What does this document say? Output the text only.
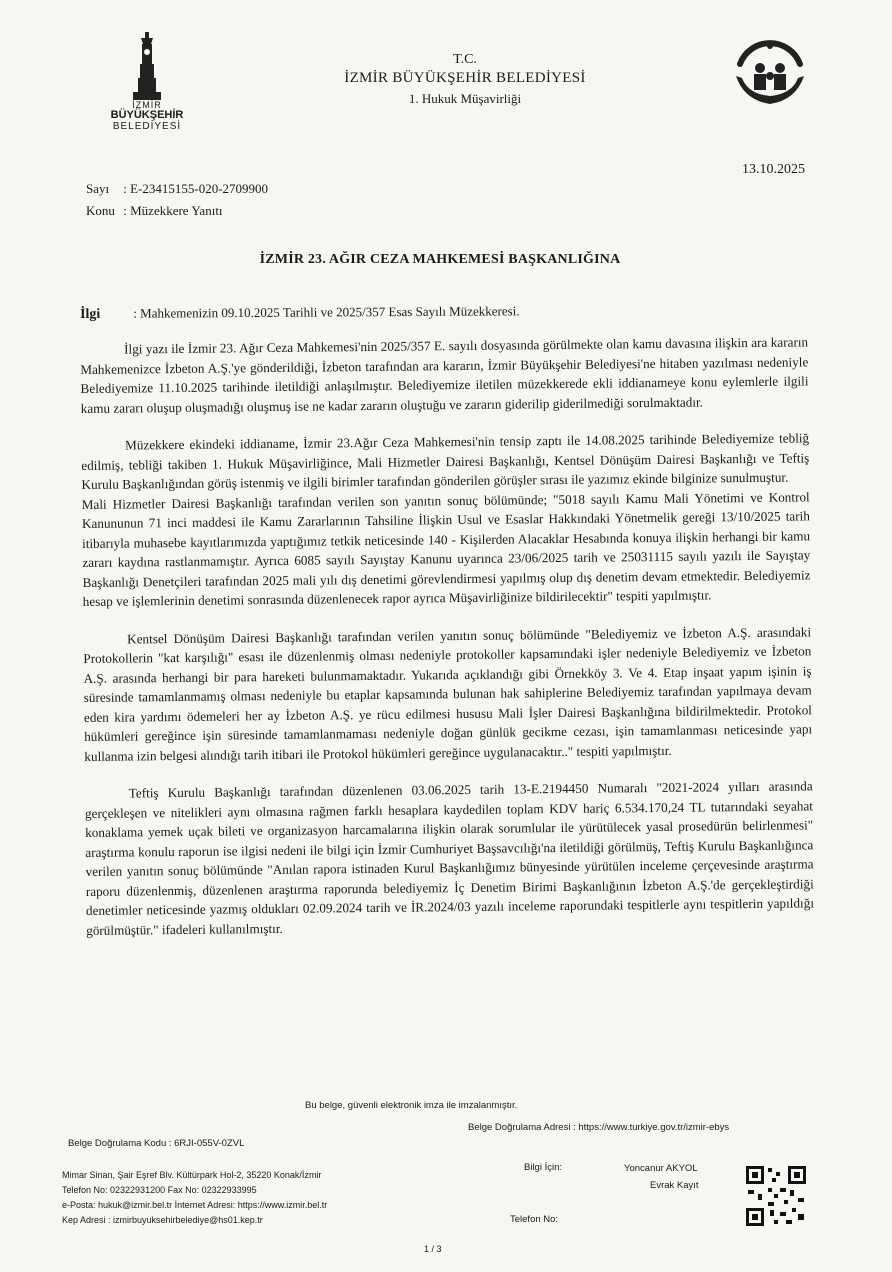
İZMİR
BÜYÜKŞEHİR
BELEDİYESİ
T.C.
İZMİR BÜYÜKŞEHİR BELEDİYESİ
1. Hukuk Müşavirliği
13.10.2025
Sayı : E-23415155-020-2709900
Konu : Müzekkere Yanıtı
İZMİR 23. AĞIR CEZA MAHKEMESİ BAŞKANLIĞINA
İlgi	: Mahkemenizin 09.10.2025 Tarihli ve 2025/357 Esas Sayılı Müzekkeresi.

İlgi yazı ile İzmir 23. Ağır Ceza Mahkemesi'nin 2025/357 E. sayılı dosyasında görülmekte olan kamu davasına ilişkin ara kararın Mahkemenizce İzbeton A.Ş.'ye gönderildiği, İzbeton tarafından ara kararın, İzmir Büyükşehir Belediyesi'ne hitaben yazılması nedeniyle Belediyemize 11.10.2025 tarihinde iletildiği anlaşılmıştır. Belediyemize iletilen müzekkerede ekli iddianameye konu eylemlerle ilgili kamu zararı oluşup oluşmadığı oluşmuş ise ne kadar zararın oluştuğu ve zararın giderilip giderilmediği sorulmaktadır.

Müzekkere ekindeki iddianame, İzmir 23.Ağır Ceza Mahkemesi'nin tensip zaptı ile 14.08.2025 tarihinde Belediyemize tebliğ edilmiş, tebliği takiben 1. Hukuk Müşavirliğince, Mali Hizmetler Dairesi Başkanlığı, Kentsel Dönüşüm Dairesi Başkanlığı ve Teftiş Kurulu Başkanlığından görüş istenmiş ve ilgili birimler tarafından gönderilen görüşler sırası ile yazımız ekinde bilginize sunulmuştur.

Mali Hizmetler Dairesi Başkanlığı tarafından verilen son yanıtın sonuç bölümünde; "5018 sayılı Kamu Mali Yönetimi ve Kontrol Kanununun 71 inci maddesi ile Kamu Zararlarının Tahsiline İlişkin Usul ve Esaslar Hakkındaki Yönetmelik gereği 13/10/2025 tarih itibarıyla muhasebe kayıtlarımızda yaptığımız tetkik neticesinde 140 - Kişilerden Alacaklar Hesabında konuya ilişkin herhangi bir kamu zararı kaydına rastlanmamıştır. Ayrıca 6085 sayılı Sayıştay Kanunu uyarınca 23/06/2025 tarih ve 25031115 sayılı yazılı ile Sayıştay Başkanlığı Denetçileri tarafından 2025 mali yılı dış denetimi görevlendirmesi yapılmış olup dış denetim devam etmektedir. Belediyemiz hesap ve işlemlerinin denetimi sonrasında düzenlenecek rapor ayrıca Müşavirliğinize bildirilecektir" tespiti yapılmıştır.

Kentsel Dönüşüm Dairesi Başkanlığı tarafından verilen yanıtın sonuç bölümünde "Belediyemiz ve İzbeton A.Ş. arasındaki Protokollerin "kat karşılığı" esası ile düzenlenmiş olması nedeniyle protokoller kapsamındaki işler nedeniyle Belediyemiz ve İzbeton A.Ş. arasında herhangi bir para hareketi bulunmamaktadır. Yukarıda açıklandığı gibi Örnekköy 3. Ve 4. Etap inşaat yapım işinin iş süresinde tamamlanmamış olması nedeniyle bu etaplar kapsamında bulunan hak sahiplerine Belediyemiz tarafından yapılmaya devam eden kira yardımı ödemeleri her ay İzbeton A.Ş. ye rücu edilmesi hususu Mali İşler Dairesi Başkanlığına bildirilmektedir. Protokol hükümleri gereğince işin süresinde tamamlanmaması nedeniyle doğan günlük gecikme cezası, işin tamamlanması neticesinde yapı kullanma izin belgesi alındığı tarih itibari ile Protokol hükümleri gereğince uygulanacaktır.." tespiti yapılmıştır.

Teftiş Kurulu Başkanlığı tarafından düzenlenen 03.06.2025 tarih 13-E.2194450 Numaralı "2021-2024 yılları arasında gerçekleşen ve nitelikleri aynı olmasına rağmen farklı hesaplara kaydedilen toplam KDV hariç 6.534.170,24 TL tutarındaki seyahat konaklama yemek uçak bileti ve organizasyon harcamalarına ilişkin olarak sorumlular ile yürütülecek yasal prosedürün belirlenmesi" araştırma konulu raporun ise ilgisi nedeni ile bilgi için İzmir Cumhuriyet Başsavcılığı'na iletildiği görülmüş, Teftiş Kurulu Başkanlığınca verilen yanıtın sonuç bölümünde "Anılan rapora istinaden Kurul Başkanlığımız bünyesinde yürütülen inceleme çerçevesinde araştırma raporu düzenlenmiş, düzenlenen araştırma raporunda belediyemiz İç Denetim Birimi Başkanlığının İzbeton A.Ş.'de gerçekleştirdiği denetimler neticesinde yazmış oldukları 02.09.2024 tarih ve İR.2024/03 yazılı inceleme raporundaki tespitlerle aynı tespitlerin yapıldığı görülmüştür." ifadeleri kullanılmıştır.

Bu belge, güvenli elektronik imza ile imzalanmıştır.
Belge Doğrulama Adresi : https://www.turkiye.gov.tr/izmir-ebys
Belge Doğrulama Kodu : 6RJI-055V-0ZVL
Mimar Sinan, Şair Eşref Blv. Kültürpark Hol-2, 35220 Konak/İzmir
Telefon No: 02322931200 Fax No: 02322933995
e-Posta: hukuk@izmir.bel.tr İnternet Adresi: https://www.izmir.bel.tr
Kep Adresi : izmirbuyuksehirbelediye@hs01.kep.tr
Bilgi İçin:
Telefon No:
Yoncanur AKYOL
Evrak Kayıt
1 / 3
